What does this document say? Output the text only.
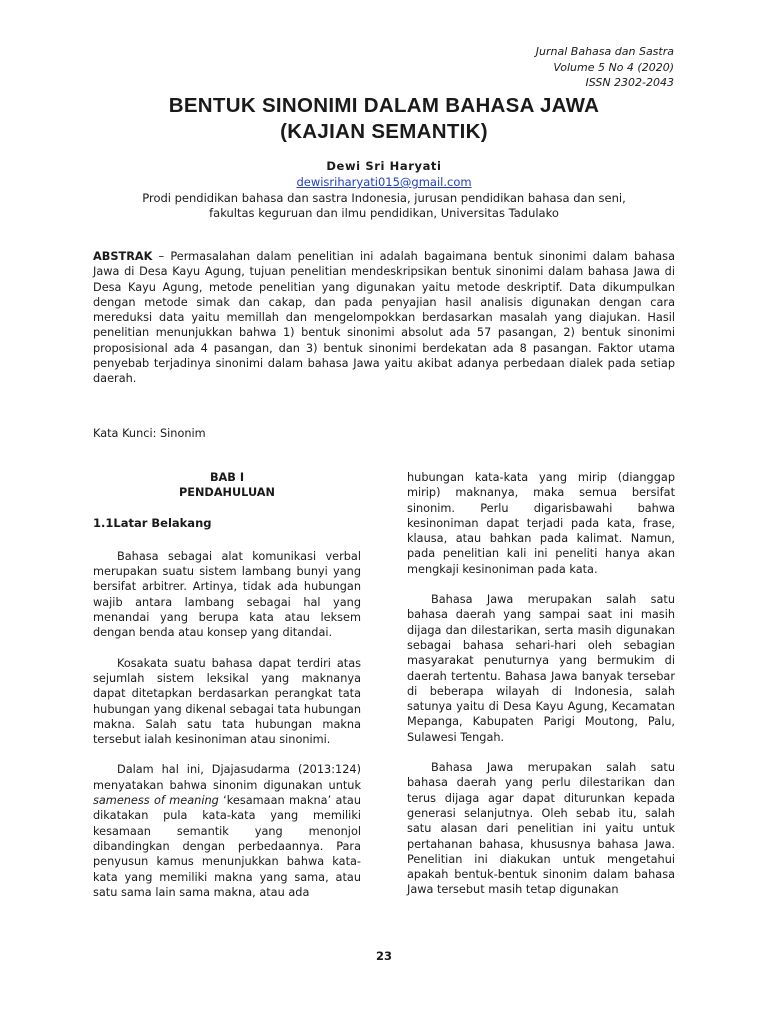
Jurnal Bahasa dan Sastra
Volume 5 No 4 (2020)
ISSN 2302-2043
BENTUK SINONIMI DALAM BAHASA JAWA
(KAJIAN SEMANTIK)
Dewi Sri Haryati
dewisriharyati015@gmail.com
Prodi pendidikan bahasa dan sastra Indonesia, jurusan pendidikan bahasa dan seni,
fakultas keguruan dan ilmu pendidikan, Universitas Tadulako
ABSTRAK – Permasalahan dalam penelitian ini adalah bagaimana bentuk sinonimi dalam bahasa Jawa di Desa Kayu Agung, tujuan penelitian mendeskripsikan bentuk sinonimi dalam bahasa Jawa di Desa Kayu Agung, metode penelitian yang digunakan yaitu metode deskriptif. Data dikumpulkan dengan metode simak dan cakap, dan pada penyajian hasil analisis digunakan dengan cara mereduksi data yaitu memillah dan mengelompokkan berdasarkan masalah yang diajukan. Hasil penelitian menunjukkan bahwa 1) bentuk sinonimi absolut ada 57 pasangan, 2) bentuk sinonimi proposisional ada 4 pasangan, dan 3) bentuk sinonimi berdekatan ada 8 pasangan. Faktor utama penyebab terjadinya sinonimi dalam bahasa Jawa yaitu akibat adanya perbedaan dialek pada setiap daerah.
Kata Kunci: Sinonim

BAB I

PENDAHULUAN

1.1Latar Belakang

Bahasa sebagai alat komunikasi verbal merupakan suatu sistem lambang bunyi yang bersifat arbitrer. Artinya, tidak ada hubungan wajib antara lambang sebagai hal yang menandai yang berupa kata atau leksem dengan benda atau konsep yang ditandai.

Kosakata suatu bahasa dapat terdiri atas sejumlah sistem leksikal yang maknanya dapat ditetapkan berdasarkan perangkat tata hubungan yang dikenal sebagai tata hubungan makna. Salah satu tata hubungan makna tersebut ialah kesinoniman atau sinonimi.

Dalam hal ini, Djajasudarma (2013:124) menyatakan bahwa sinonim digunakan untuk sameness of meaning ‘kesamaan makna’ atau dikatakan pula kata-kata yang memiliki kesamaan semantik yang menonjol dibandingkan dengan perbedaannya. Para penyusun kamus menunjukkan bahwa kata-kata yang memiliki makna yang sama, atau satu sama lain sama makna, atau ada

hubungan kata-kata yang mirip (dianggap mirip) maknanya, maka semua bersifat sinonim. Perlu digarisbawahi bahwa kesinoniman dapat terjadi pada kata, frase, klausa, atau bahkan pada kalimat. Namun, pada penelitian kali ini peneliti hanya akan mengkaji kesinoniman pada kata.

Bahasa Jawa merupakan salah satu bahasa daerah yang sampai saat ini masih dijaga dan dilestarikan, serta masih digunakan sebagai bahasa sehari-hari oleh sebagian masyarakat penuturnya yang bermukim di daerah tertentu. Bahasa Jawa banyak tersebar di beberapa wilayah di Indonesia, salah satunya yaitu di Desa Kayu Agung, Kecamatan Mepanga, Kabupaten Parigi Moutong, Palu, Sulawesi Tengah.

Bahasa Jawa merupakan salah satu bahasa daerah yang perlu dilestarikan dan terus dijaga agar dapat diturunkan kepada generasi selanjutnya. Oleh sebab itu, salah satu alasan dari penelitian ini yaitu untuk pertahanan bahasa, khususnya bahasa Jawa. Penelitian ini diakukan untuk mengetahui apakah bentuk-bentuk sinonim dalam bahasa Jawa tersebut masih tetap digunakan

23
